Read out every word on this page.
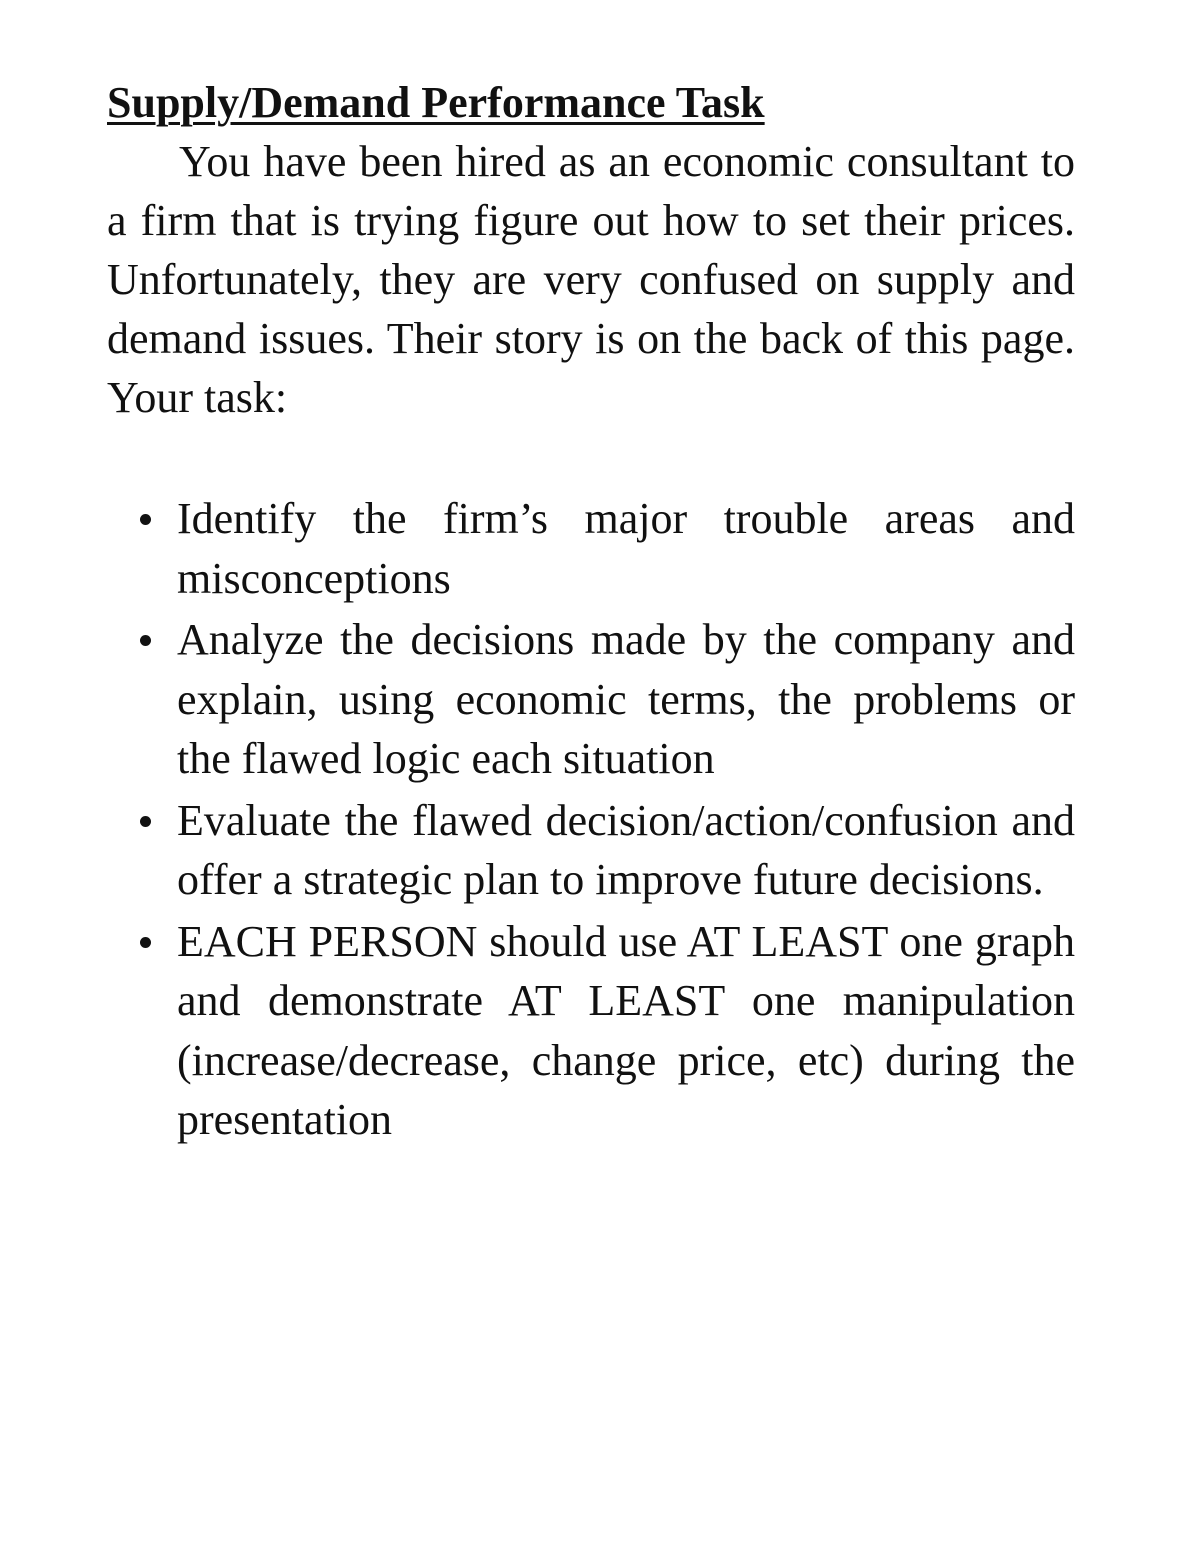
Supply/Demand Performance Task

You have been hired as an economic consultant to a firm that is trying figure out how to set their prices. Unfortunately, they are very confused on supply and demand issues. Their story is on the back of this page. Your task:

Identify the firm’s major trouble areas and misconceptions
Analyze the decisions made by the company and explain, using economic terms, the problems or the flawed logic each situation
Evaluate the flawed decision/action/confusion and offer a strategic plan to improve future decisions.
EACH PERSON should use AT LEAST one graph and demonstrate AT LEAST one manipulation (increase/decrease, change price, etc) during the presentation
